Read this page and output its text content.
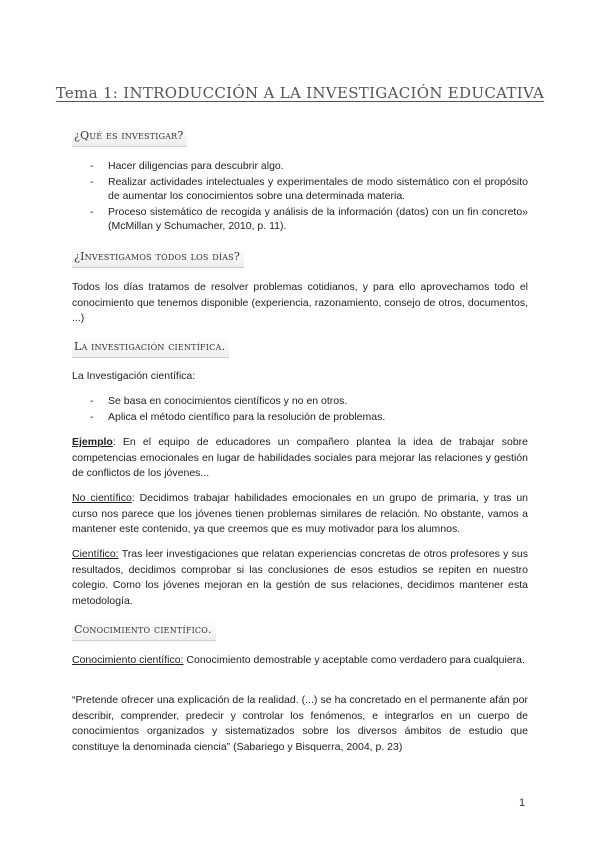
Tema 1: INTRODUCCIÓN A LA INVESTIGACIÓN EDUCATIVA
¿Qué es investigar?
- Hacer diligencias para descubrir algo.
- Realizar actividades intelectuales y experimentales de modo sistemático con el propósito de aumentar los conocimientos sobre una determinada materia.
- Proceso sistemático de recogida y análisis de la información (datos) con un fin concreto» (McMillan y Schumacher, 2010, p. 11).
¿Investigamos todos los días?
Todos los días tratamos de resolver problemas cotidianos, y para ello aprovechamos todo el conocimiento que tenemos disponible (experiencia, razonamiento, consejo de otros, documentos, ...)
La investigación científica.
La Investigación científica:
- Se basa en conocimientos científicos y no en otros.
- Aplica el método científico para la resolución de problemas.
Ejemplo: En el equipo de educadores un compañero plantea la idea de trabajar sobre competencias emocionales en lugar de habilidades sociales para mejorar las relaciones y gestión de conflictos de los jóvenes...
No científico: Decidimos trabajar habilidades emocionales en un grupo de primaria, y tras un curso nos parece que los jóvenes tienen problemas similares de relación. No obstante, vamos a mantener este contenido, ya que creemos que es muy motivador para los alumnos.
Científico: Tras leer investigaciones que relatan experiencias concretas de otros profesores y sus resultados, decidimos comprobar si las conclusiones de esos estudios se repiten en nuestro colegio. Como los jóvenes mejoran en la gestión de sus relaciones, decidimos mantener esta metodología.
Conocimiento científico.
Conocimiento científico: Conocimiento demostrable y aceptable como verdadero para cualquiera.
“Pretende ofrecer una explicación de la realidad. (...) se ha concretado en el permanente afán por describir, comprender, predecir y controlar los fenómenos, e integrarlos en un cuerpo de conocimientos organizados y sistematizados sobre los diversos ámbitos de estudio que constituye la denominada ciencia” (Sabariego y Bisquerra, 2004, p. 23)
1
